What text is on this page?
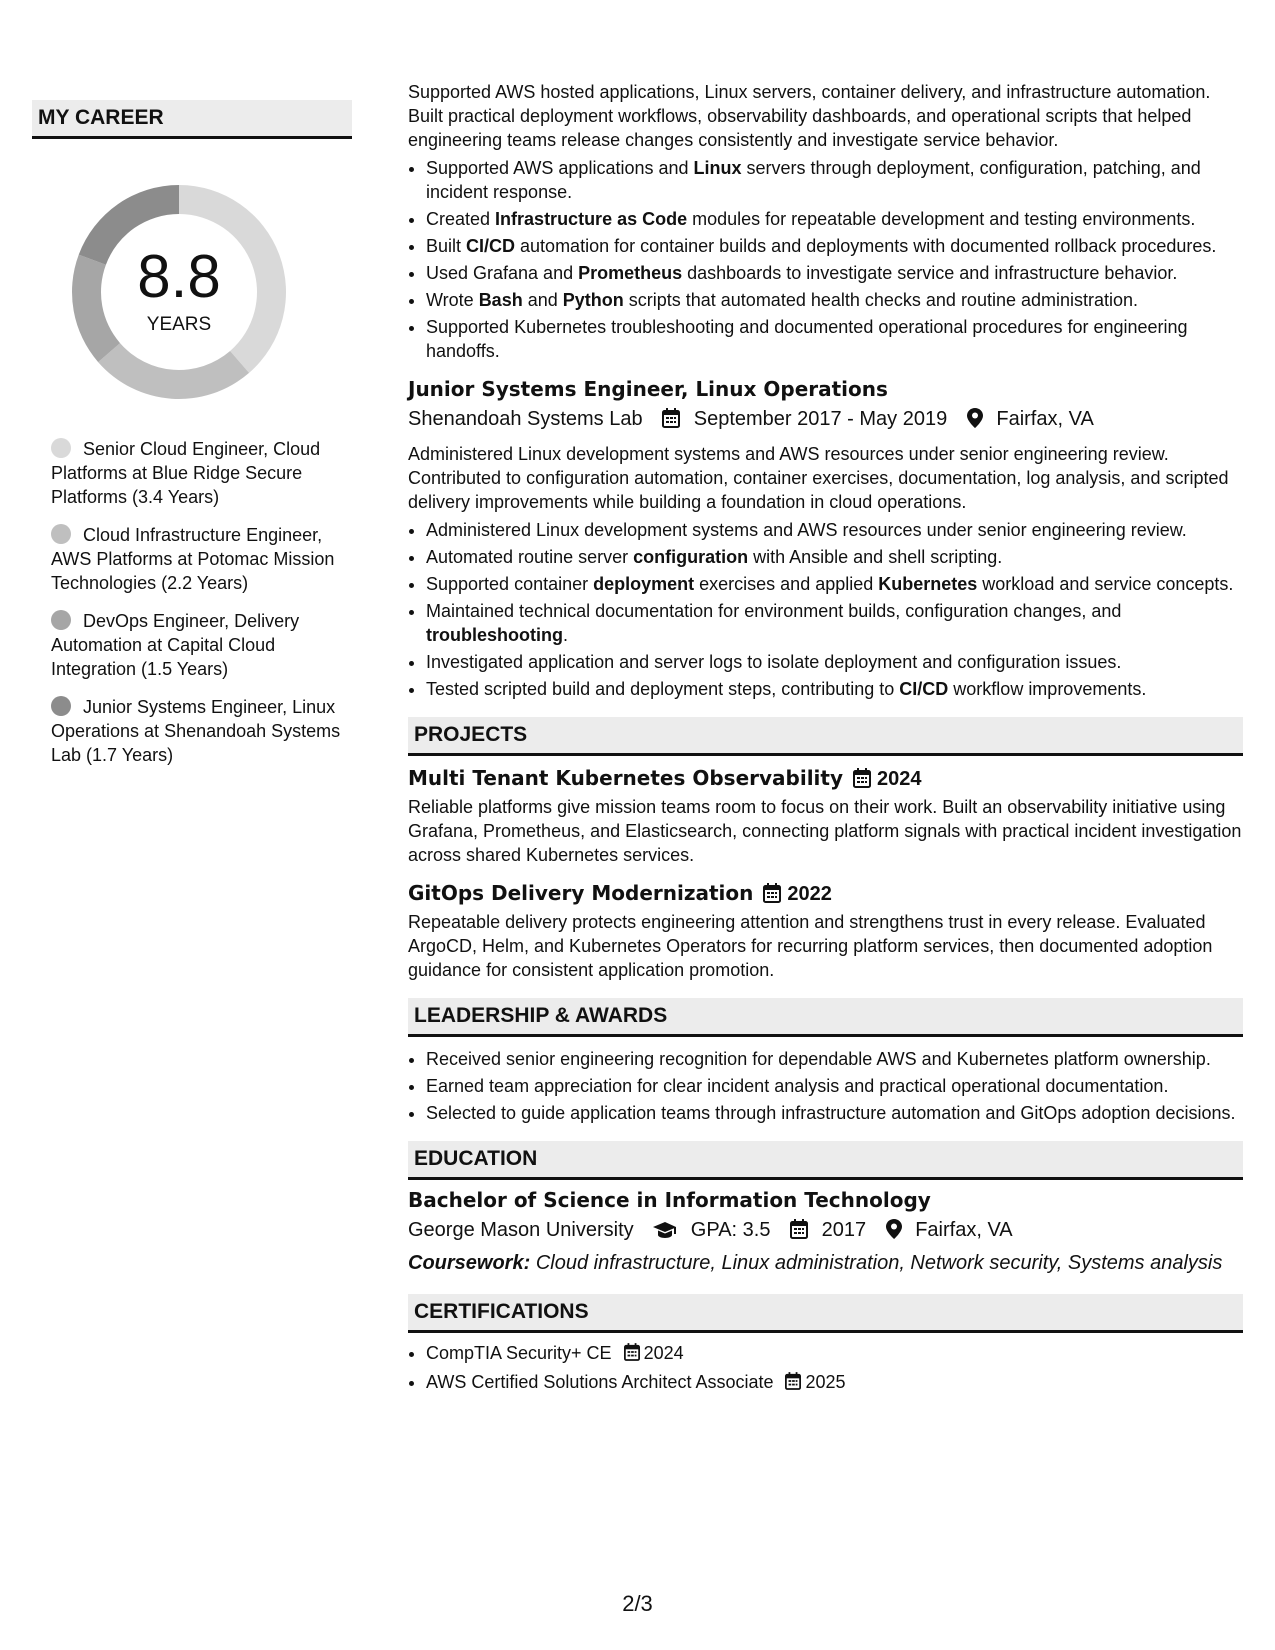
MY CAREER
8.8
YEARS
Senior Cloud Engineer, Cloud Platforms at Blue Ridge Secure Platforms (3.4 Years)
Cloud Infrastructure Engineer, AWS Platforms at Potomac Mission Technologies (2.2 Years)
DevOps Engineer, Delivery Automation at Capital Cloud Integration (1.5 Years)
Junior Systems Engineer, Linux Operations at Shenandoah Systems Lab (1.7 Years)

Supported AWS hosted applications, Linux servers, container delivery, and infrastructure automation. Built practical deployment workflows, observability dashboards, and operational scripts that helped engineering teams release changes consistently and investigate service behavior.

• Supported AWS applications and Linux servers through deployment, configuration, patching, and incident response.
• Created Infrastructure as Code modules for repeatable development and testing environments.
• Built CI/CD automation for container builds and deployments with documented rollback procedures.
• Used Grafana and Prometheus dashboards to investigate service and infrastructure behavior.
• Wrote Bash and Python scripts that automated health checks and routine administration.
• Supported Kubernetes troubleshooting and documented operational procedures for engineering handoffs.
Junior Systems Engineer, Linux Operations
Shenandoah Systems Lab	September 2017 - May 2019 Fairfax, VA

Administered Linux development systems and AWS resources under senior engineering review. Contributed to configuration automation, container exercises, documentation, log analysis, and scripted delivery improvements while building a foundation in cloud operations.

• Administered Linux development systems and AWS resources under senior engineering review.
• Automated routine server configuration with Ansible and shell scripting.
• Supported container deployment exercises and applied Kubernetes workload and service concepts.
• Maintained technical documentation for environment builds, configuration changes, and troubleshooting.
• Investigated application and server logs to isolate deployment and configuration issues.
• Tested scripted build and deployment steps, contributing to CI/CD workflow improvements.
PROJECTS
Multi Tenant Kubernetes Observability 2024

Reliable platforms give mission teams room to focus on their work. Built an observability initiative using Grafana, Prometheus, and Elasticsearch, connecting platform signals with practical incident investigation across shared Kubernetes services.

GitOps Delivery Modernization 2022

Repeatable delivery protects engineering attention and strengthens trust in every release. Evaluated ArgoCD, Helm, and Kubernetes Operators for recurring platform services, then documented adoption guidance for consistent application promotion.

LEADERSHIP & AWARDS
• Received senior engineering recognition for dependable AWS and Kubernetes platform ownership.
• Earned team appreciation for clear incident analysis and practical operational documentation.
• Selected to guide application teams through infrastructure automation and GitOps adoption decisions.
EDUCATION
Bachelor of Science in Information Technology
George Mason University	GPA: 3.5	2017 Fairfax, VA
Coursework: Cloud infrastructure, Linux administration, Network security, Systems analysis
CERTIFICATIONS
• CompTIA Security+ CE 2024
• AWS Certified Solutions Architect Associate 2025
2/3
